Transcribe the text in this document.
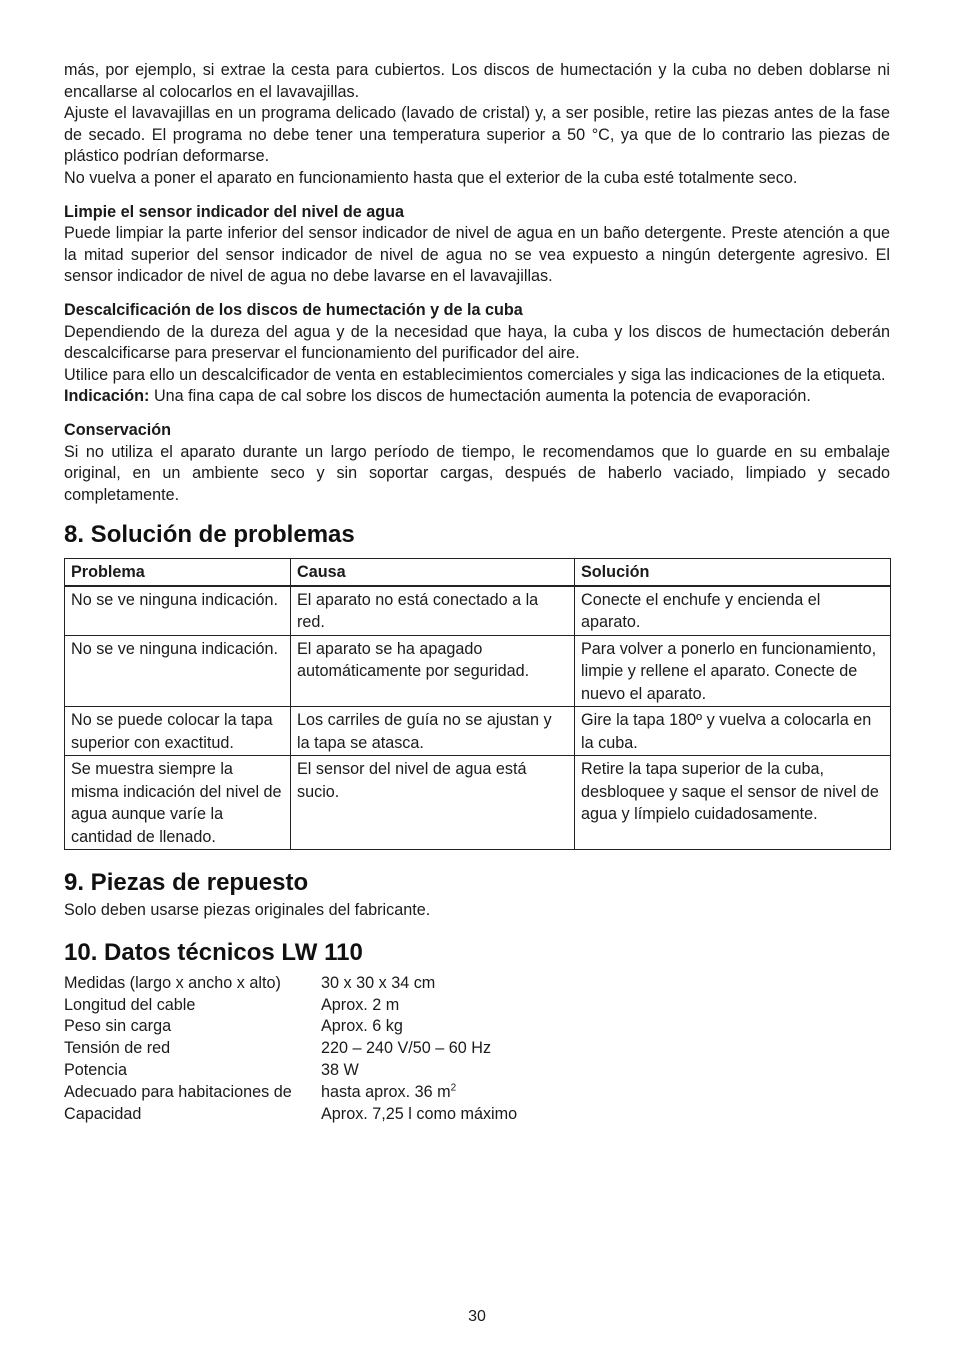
más, por ejemplo, si extrae la cesta para cubiertos. Los discos de humectación y la cuba no deben doblarse ni encallarse al colocarlos en el lavavajillas.

Ajuste el lavavajillas en un programa delicado (lavado de cristal) y, a ser posible, retire las piezas antes de la fase de secado. El programa no debe tener una temperatura superior a 50 °C, ya que de lo contrario las piezas de plástico podrían deformarse.

No vuelva a poner el aparato en funcionamiento hasta que el exterior de la cuba esté totalmente seco.

Limpie el sensor indicador del nivel de agua

Puede limpiar la parte inferior del sensor indicador de nivel de agua en un baño detergente. Preste atención a que la mitad superior del sensor indicador de nivel de agua no se vea expuesto a ningún detergente agresivo. El sensor indicador de nivel de agua no debe lavarse en el lavavajillas.

Descalcificación de los discos de humectación y de la cuba

Dependiendo de la dureza del agua y de la necesidad que haya, la cuba y los discos de humectación deberán descalcificarse para preservar el funcionamiento del purificador del aire.

Utilice para ello un descalcificador de venta en establecimientos comerciales y siga las indicaciones de la etiqueta.

Indicación: Una fina capa de cal sobre los discos de humectación aumenta la potencia de evaporación.

Conservación

Si no utiliza el aparato durante un largo período de tiempo, le recomendamos que lo guarde en su embalaje original, en un ambiente seco y sin soportar cargas, después de haberlo vaciado, limpiado y secado completamente.

8. Solución de problemas
Problema	Causa	Solución
No se ve ninguna indicación.	El aparato no está conectado a la red.	Conecte el enchufe y encienda el aparato.
No se ve ninguna indicación.	El aparato se ha apagado automáticamente por seguridad.	Para volver a ponerlo en funcionamiento, limpie y rellene el aparato. Conecte de nuevo el aparato.
No se puede colocar la tapa superior con exactitud.	Los carriles de guía no se ajustan y la tapa se atasca.	Gire la tapa 180º y vuelva a colocarla en la cuba.
Se muestra siempre la misma indicación del nivel de agua aunque varíe la cantidad de llenado.	El sensor del nivel de agua está sucio.	Retire la tapa superior de la cuba, desbloquee y saque el sensor de nivel de agua y límpielo cuidadosamente.
9. Piezas de repuesto

Solo deben usarse piezas originales del fabricante.

10. Datos técnicos LW 110
Medidas (largo x ancho x alto)	30 x 30 x 34 cm
Longitud del cable	Aprox. 2 m
Peso sin carga	Aprox. 6 kg
Tensión de red	220 – 240 V/50 – 60 Hz
Potencia	38 W
Adecuado para habitaciones de	hasta aprox. 36 $m^2$
Capacidad	Aprox. 7,25 l como máximo
30
